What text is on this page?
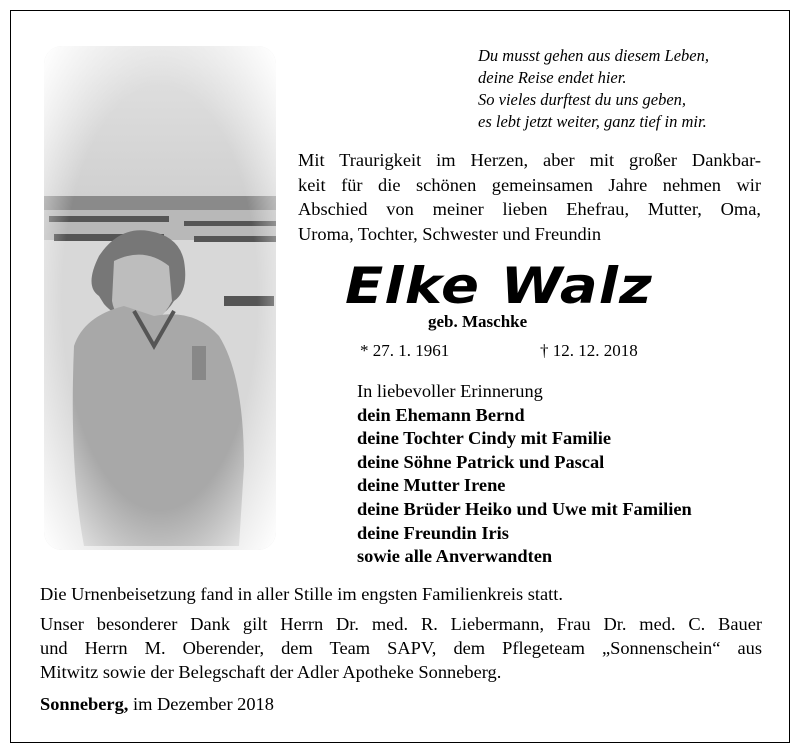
Du musst gehen aus diesem Leben,
deine Reise endet hier.
So vieles durftest du uns geben,
es lebt jetzt weiter, ganz tief in mir.
Mit Traurigkeit im Herzen, aber mit großer Dankbar-
keit für die schönen gemeinsamen Jahre nehmen wir
Abschied von meiner lieben Ehefrau, Mutter, Oma,
Uroma, Tochter, Schwester und Freundin
Elke Walz
geb. Maschke
* 27. 1. 1961	† 12. 12. 2018
In liebevoller Erinnerung
dein Ehemann Bernd
deine Tochter Cindy mit Familie
deine Söhne Patrick und Pascal
deine Mutter Irene
deine Brüder Heiko und Uwe mit Familien
deine Freundin Iris
sowie alle Anverwandten
Die Urnenbeisetzung fand in aller Stille im engsten Familienkreis statt.
Unser besonderer Dank gilt Herrn Dr. med. R. Liebermann, Frau Dr. med. C. Bauer
und Herrn M. Oberender, dem Team SAPV, dem Pflegeteam „Sonnenschein“ aus
Mitwitz sowie der Belegschaft der Adler Apotheke Sonneberg.
Sonneberg, im Dezember 2018
